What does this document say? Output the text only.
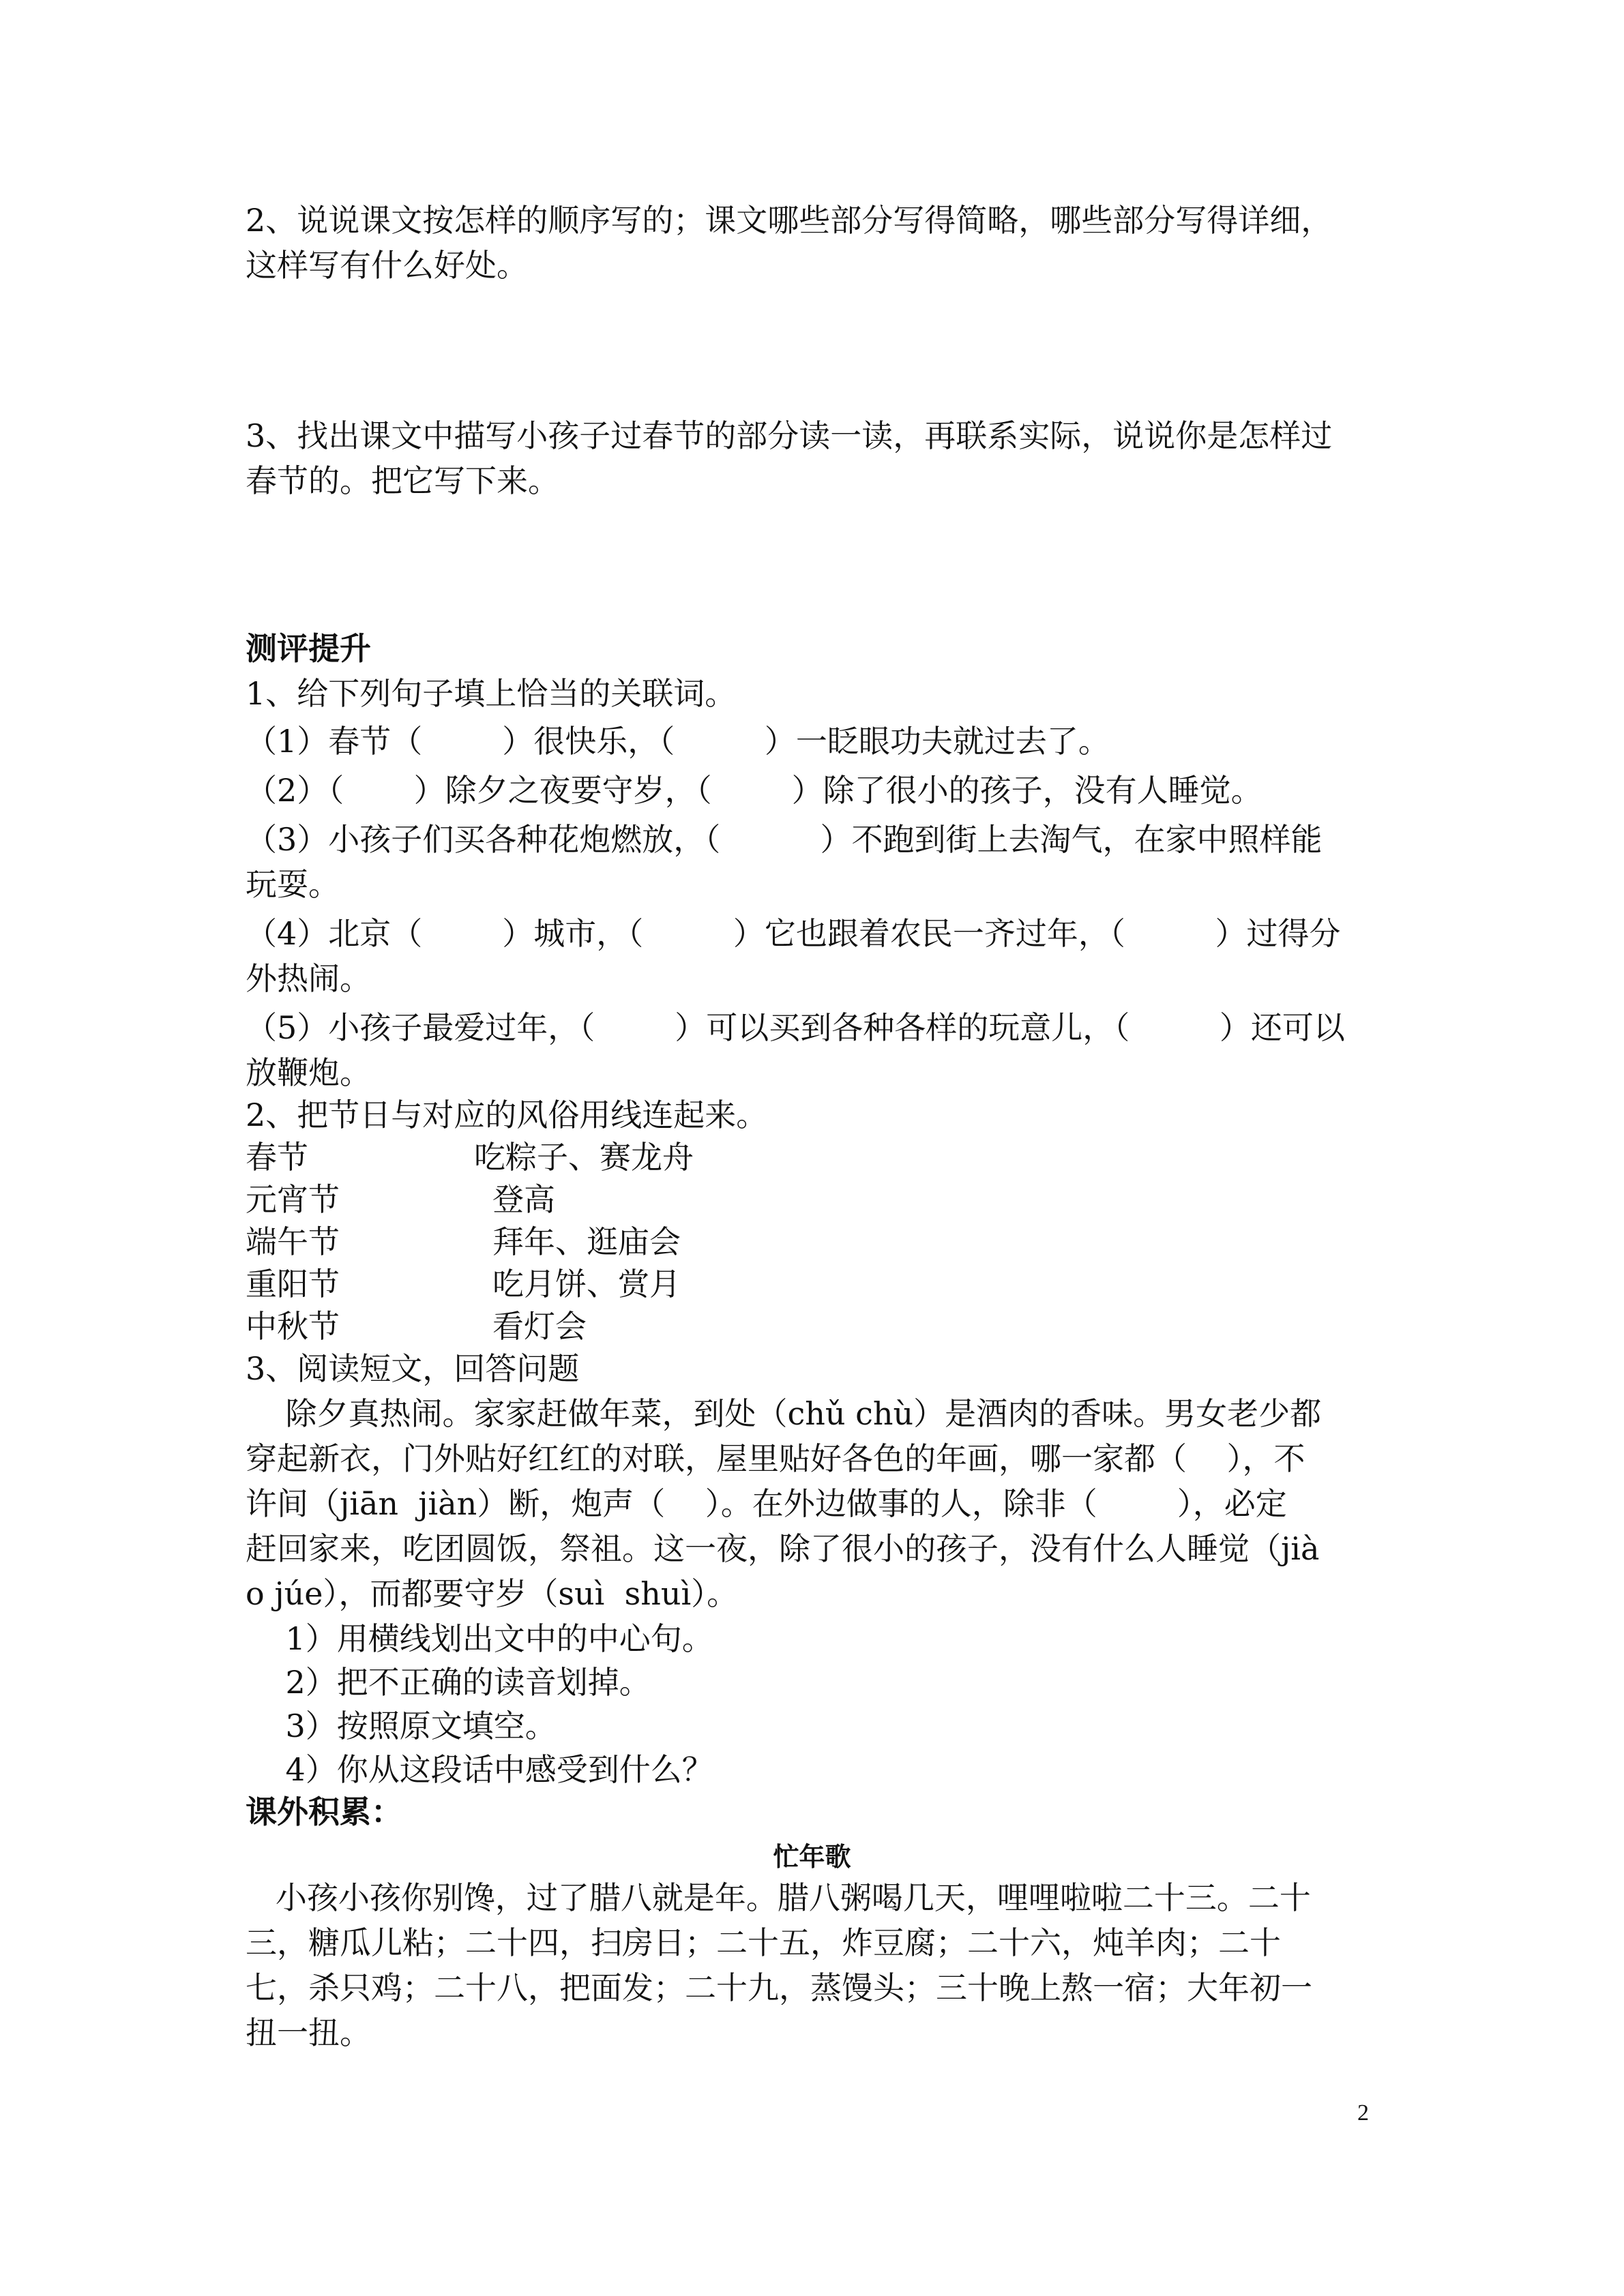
2、说说课文按怎样的顺序写的；课文哪些部分写得简略，哪些部分写得详细，
这样写有什么好处。
3、找出课文中描写小孩子过春节的部分读一读，再联系实际，说说你是怎样过
春节的。把它写下来。
测评提升
1、给下列句子填上恰当的关联词。
（1）春节（        ）很快乐，（         ）一眨眼功夫就过去了。
（2）（       ）除夕之夜要守岁，（        ）除了很小的孩子，没有人睡觉。
（3）小孩子们买各种花炮燃放，（          ）不跑到街上去淘气，在家中照样能
玩耍。
（4）北京（        ）城市，（         ）它也跟着农民一齐过年，（         ）过得分
外热闹。
（5）小孩子最爱过年，（        ）可以买到各种各样的玩意儿，（         ）还可以
放鞭炮。
2、把节日与对应的风俗用线连起来。
春节	吃粽子、赛龙舟
元宵节	登高
端午节	拜年、逛庙会
重阳节	吃月饼、赏月
中秋节	看灯会
3、阅读短文，回答问题
除夕真热闹。家家赶做年菜，到处（chǔ chù）是酒肉的香味。男女老少都
穿起新衣，门外贴好红红的对联，屋里贴好各色的年画，哪一家都（    ），不
许间（jiān  jiàn）断，炮声（    ）。在外边做事的人，除非（        ），必定
赶回家来，吃团圆饭，祭祖。这一夜，除了很小的孩子，没有什么人睡觉（jià
o júe），而都要守岁（suì  shuì）。
1）用横线划出文中的中心句。
2）把不正确的读音划掉。
3）按照原文填空。
4）你从这段话中感受到什么？
课外积累：
忙年歌
小孩小孩你别馋，过了腊八就是年。腊八粥喝几天，哩哩啦啦二十三。二十
三，糖瓜儿粘；二十四，扫房日；二十五，炸豆腐；二十六，炖羊肉；二十
七，杀只鸡；二十八，把面发；二十九，蒸馒头；三十晚上熬一宿；大年初一
扭一扭。
2
